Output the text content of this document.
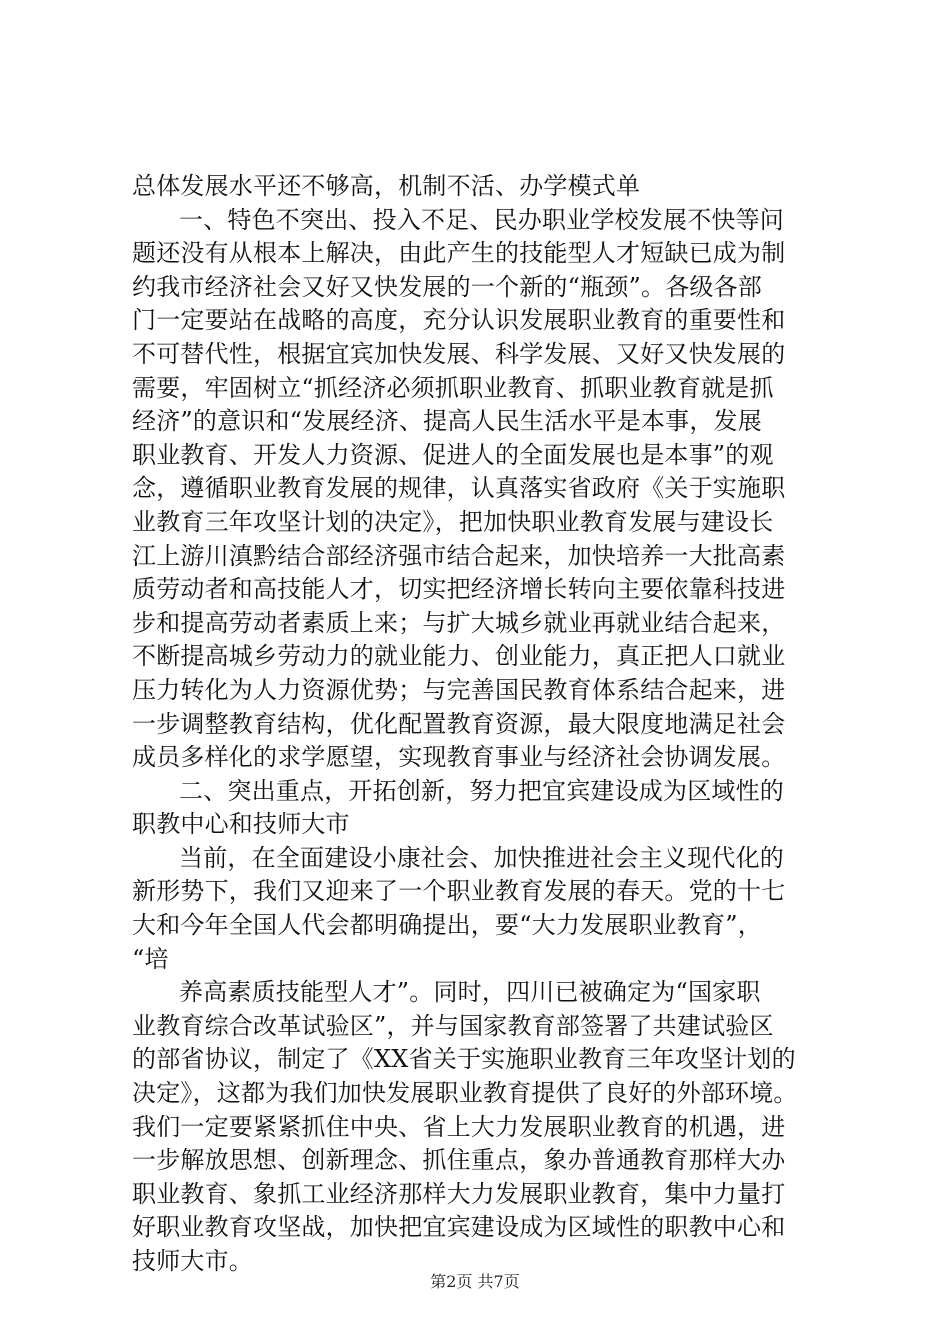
总体发展水平还不够高，机制不活、办学模式单
一、特色不突出、投入不足、民办职业学校发展不快等问
题还没有从根本上解决，由此产生的技能型人才短缺已成为制
约我市经济社会又好又快发展的一个新的“瓶颈”。各级各部
门一定要站在战略的高度，充分认识发展职业教育的重要性和
不可替代性，根据宜宾加快发展、科学发展、又好又快发展的
需要，牢固树立“抓经济必须抓职业教育、抓职业教育就是抓
经济”的意识和“发展经济、提高人民生活水平是本事，发展
职业教育、开发人力资源、促进人的全面发展也是本事”的观
念，遵循职业教育发展的规律，认真落实省政府《关于实施职
业教育三年攻坚计划的决定》，把加快职业教育发展与建设长
江上游川滇黔结合部经济强市结合起来，加快培养一大批高素
质劳动者和高技能人才，切实把经济增长转向主要依靠科技进
步和提高劳动者素质上来；与扩大城乡就业再就业结合起来，
不断提高城乡劳动力的就业能力、创业能力，真正把人口就业
压力转化为人力资源优势；与完善国民教育体系结合起来，进
一步调整教育结构，优化配置教育资源，最大限度地满足社会
成员多样化的求学愿望，实现教育事业与经济社会协调发展。
二、突出重点，开拓创新，努力把宜宾建设成为区域性的
职教中心和技师大市
当前，在全面建设小康社会、加快推进社会主义现代化的
新形势下，我们又迎来了一个职业教育发展的春天。党的十七
大和今年全国人代会都明确提出，要“大力发展职业教育”，
“培
养高素质技能型人才”。同时，四川已被确定为“国家职
业教育综合改革试验区”，并与国家教育部签署了共建试验区
的部省协议，制定了《XX省关于实施职业教育三年攻坚计划的
决定》，这都为我们加快发展职业教育提供了良好的外部环境。
我们一定要紧紧抓住中央、省上大力发展职业教育的机遇，进
一步解放思想、创新理念、抓住重点，象办普通教育那样大办
职业教育、象抓工业经济那样大力发展职业教育，集中力量打
好职业教育攻坚战，加快把宜宾建设成为区域性的职教中心和
技师大市。
第2页 共7页
